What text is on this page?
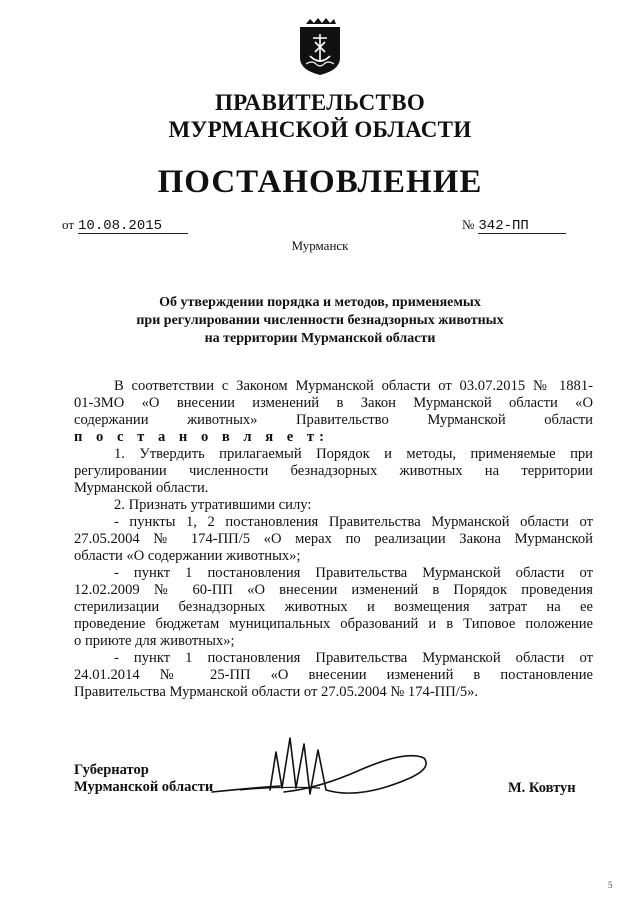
ПРАВИТЕЛЬСТВО
МУРМАНСКОЙ ОБЛАСТИ
ПОСТАНОВЛЕНИЕ
от 10.08.2015	№ 342-ПП
Мурманск
Об утверждении порядка и методов, применяемых
при регулировании численности безнадзорных животных
на территории Мурманской области
В соответствии с Законом Мурманской области от 03.07.2015 № 1881-
01-ЗМО «О внесении изменений в Закон Мурманской области «О
содержании животных» Правительство Мурманской области
п о с т а н о в л я е т:
1. Утвердить прилагаемый Порядок и методы, применяемые при
регулировании численности безнадзорных животных на территории
Мурманской области.
2. Признать утратившими силу:
- пункты 1, 2 постановления Правительства Мурманской области от
27.05.2004 № 174-ПП/5 «О мерах по реализации Закона Мурманской
области «О содержании животных»;
- пункт 1 постановления Правительства Мурманской области от
12.02.2009 № 60-ПП «О внесении изменений в Порядок проведения
стерилизации безнадзорных животных и возмещения затрат на ее
проведение бюджетам муниципальных образований и в Типовое положение
о приюте для животных»;
- пункт 1 постановления Правительства Мурманской области от
24.01.2014 № 25-ПП «О внесении изменений в постановление
Правительства Мурманской области от 27.05.2004 № 174-ПП/5».
Губернатор
Мурманской области	М. Ковтун
5
